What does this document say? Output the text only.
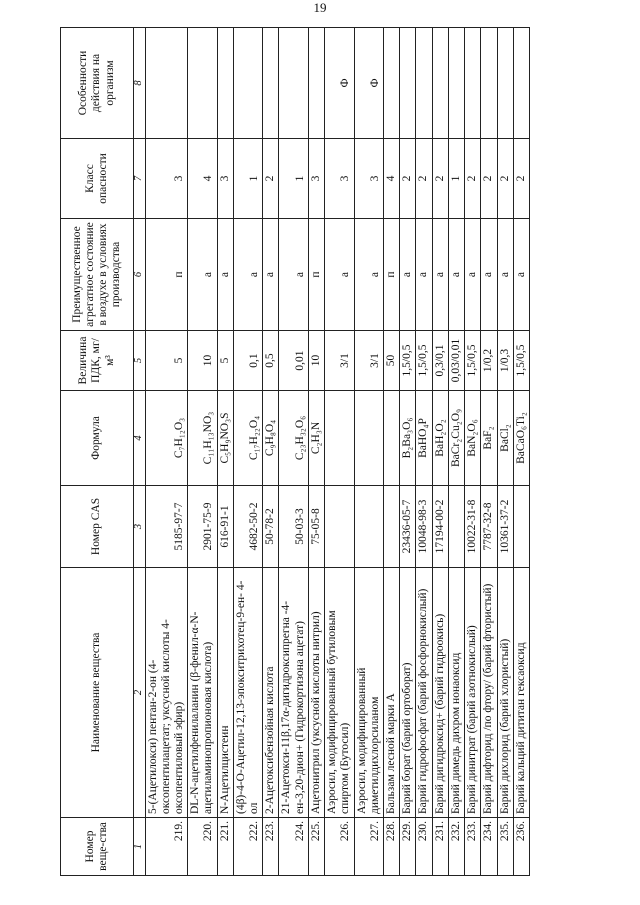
19
Номер веще-ства	Наименование вещества	Номер CAS	Формула	Величина ПДК, мг/м³	Преимущественное агрегатное состояние в воздухе в условиях производства	Класс опасности	Особенности действия на организм
1	2	3	4	5	6	7	8
219.	5-(Ацетилокси) пентан-2-он (4-оксопентилацетат; уксусной кислоты 4-оксопентиловый эфир)	5185-97-7	C₇H₁₂O₃	5	п	3	
220.	DL-N-ацетилфенилаланин (β-фенил-α-N-ацетиламинопропионовая кислота)	2901-75-9	C₁₁H₁₃NO₃	10	а	4	
221.	N-Ацетилцистеин	616-91-1	C₅H₉NO₃S	5	а	3	
222.	(4β)-4-О-Ацетил-12,13-эпокситрихотец-9-ен- 4-ол	4682-50-2	C₁₇H₂₂O₄	0,1	а	1	
223.	2-Ацетоксибензойная кислота	50-78-2	C₉H₈O₄	0,5	а	2	
224.	21-Ацетокси-11β,17α-дигидроксипрегна -4-ен-3,20-дион+ (Гидрокортизона ацетат)	50-03-3	C₂₃H₃₂O₆	0,01	а	1	
225.	Ацетонитрил (уксусной кислоты нитрил)	75-05-8	C₂H₃N	10	п	3	
226.	Аэросил, модифицированный бутиловым спиртом (Бутосил)			3/1	а	3	Ф
227.	Аэросил, модифицированный диметилдихлорсиланом			3/1	а	3	Ф
228.	Бальзам лесной марки А			50	п	4	
229.	Барий борат (барий ортоборат)	23436-05-7	B₂Ba₃O₆	1,5/0,5	а	2	
230.	Барий гидрофосфат (барий фосфорнокислый)	10048-98-3	BaHO₄P	1,5/0,5	а	2	
231.	Барий дигидроксид+ (барий гидроокись)	17194-00-2	BaH₂O₂	0,3/0,1	а	2	
232.	Барий димедь дихром нонаоксид		BaCr₂Cu₂O₉	0,03/0,01	а	1	
233.	Барий динитрат (барий азотнокислый)	10022-31-8	BaN₂O₆	1,5/0,5	а	2	
234.	Барий дифторид /по фтору/ (барий фтористый)	7787-32-8	BaF₂	1/0,2	а	2	
235.	Барий дихлорид (барий хлористый)	10361-37-2	BaCl₂	1/0,3	а	2	
236.	Барий кальций дититан гексаоксид		BaCaO₆Ti₂	1,5/0,5	а	2	
